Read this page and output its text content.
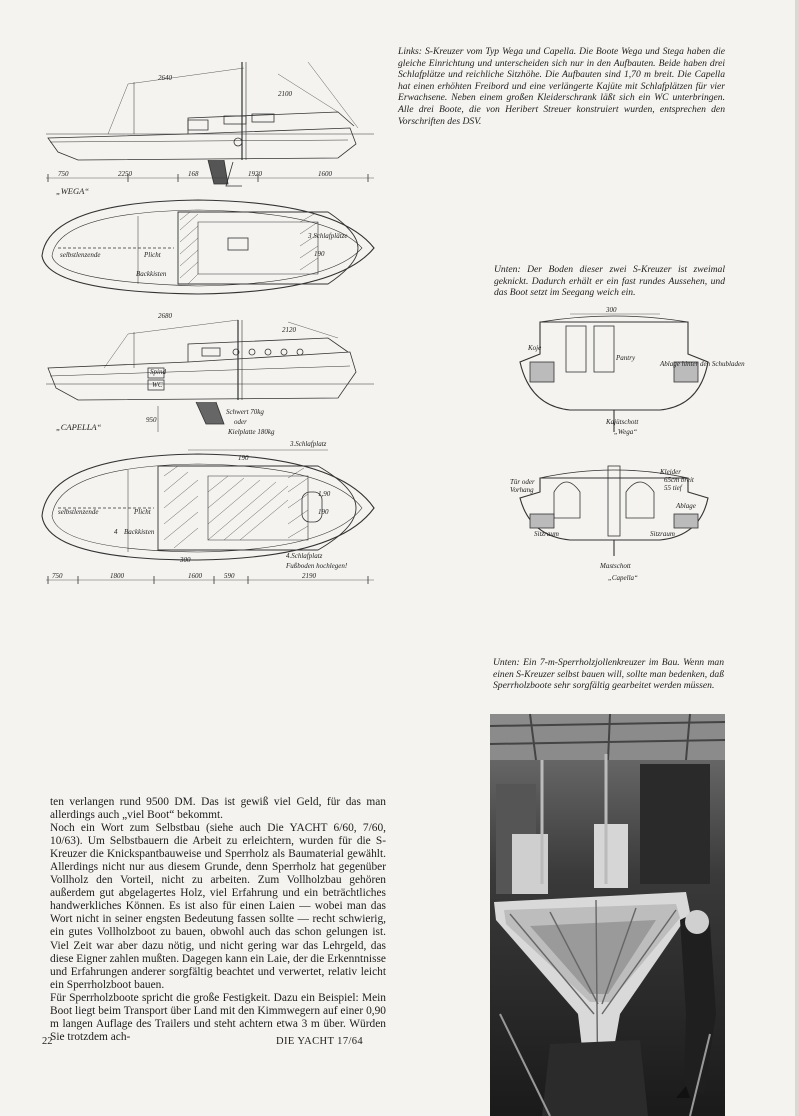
2640
2100
750	2250	168	1920	1600
„WEGA“
3 Schlafplätze
190
selbstlenzende	Plicht
Backkisten
2680
2120
Spind
WC
Schwert 70kg
oder
Kielplatte 180kg
950
„CAPELLA“
3.Schlafplatz
190
1,90
190
selbstlenzende	Plicht
4 Backkisten
300	4.Schlafplatz
Fußboden hochlegen!
750	1800	1600	590	2190
Links: S-Kreuzer vom Typ Wega und Capella. Die Boote Wega und Stega haben die gleiche Einrichtung und unterscheiden sich nur in den Aufbauten. Beide haben drei Schlafplätze und reichliche Sitzhöhe. Die Aufbauten sind 1,70 m breit. Die Capella hat einen erhöhten Freibord und eine verlängerte Kajüte mit Schlafplätzen für vier Erwachsene. Neben einem großen Kleiderschrank läßt sich ein WC unterbringen. Alle drei Boote, die von Heribert Streuer konstruiert wurden, entsprechen den Vorschriften des DSV.
Unten: Der Boden dieser zwei S-Kreuzer ist zweimal geknickt. Dadurch erhält er ein fast rundes Aussehen, und das Boot setzt im Seegang weich ein.
300
Koje
Pantry
Ablage hinter den Schubladen
Kajütschott
„Wega“
Tür oder
Vorhang
Kleider
65cm breit
55 tief
Ablage
Sitzraum	Sitzraum
Mastschott
„Capella“
Unten: Ein 7-m-Sperrholzjollenkreuzer im Bau. Wenn man einen S-Kreuzer selbst bauen will, sollte man bedenken, daß Sperrholzboote sehr sorgfältig gearbeitet werden müssen.

ten verlangen rund 9500 DM. Das ist gewiß viel Geld, für das man allerdings auch „viel Boot“ bekommt.

Noch ein Wort zum Selbstbau (siehe auch Die YACHT 6/60, 7/60, 10/63). Um Selbstbauern die Arbeit zu erleichtern, wurden für die S-Kreuzer die Knickspantbauweise und Sperrholz als Baumaterial gewählt. Allerdings nicht nur aus diesem Grunde, denn Sperrholz hat gegenüber Vollholz den Vorteil, nicht zu arbeiten. Zum Vollholzbau gehören außerdem gut abgelagertes Holz, viel Erfahrung und ein beträchtliches handwerkliches Können. Es ist also für einen Laien — wobei man das Wort nicht in seiner engsten Bedeutung fassen sollte — recht schwierig, ein gutes Vollholzboot zu bauen, obwohl auch das schon gelungen ist. Viel Zeit war aber dazu nötig, und nicht gering war das Lehrgeld, das diese Eigner zahlen mußten. Dagegen kann ein Laie, der die Erkenntnisse und Erfahrungen anderer sorgfältig beachtet und verwertet, relativ leicht ein Sperrholzboot bauen.

Für Sperrholzboote spricht die große Festigkeit. Dazu ein Beispiel: Mein Boot liegt beim Transport über Land mit den Kimmwegern auf einer 0,90 m langen Auflage des Trailers und steht achtern etwa 3 m über. Würden Sie trotzdem ach-

22	DIE YACHT 17/64
